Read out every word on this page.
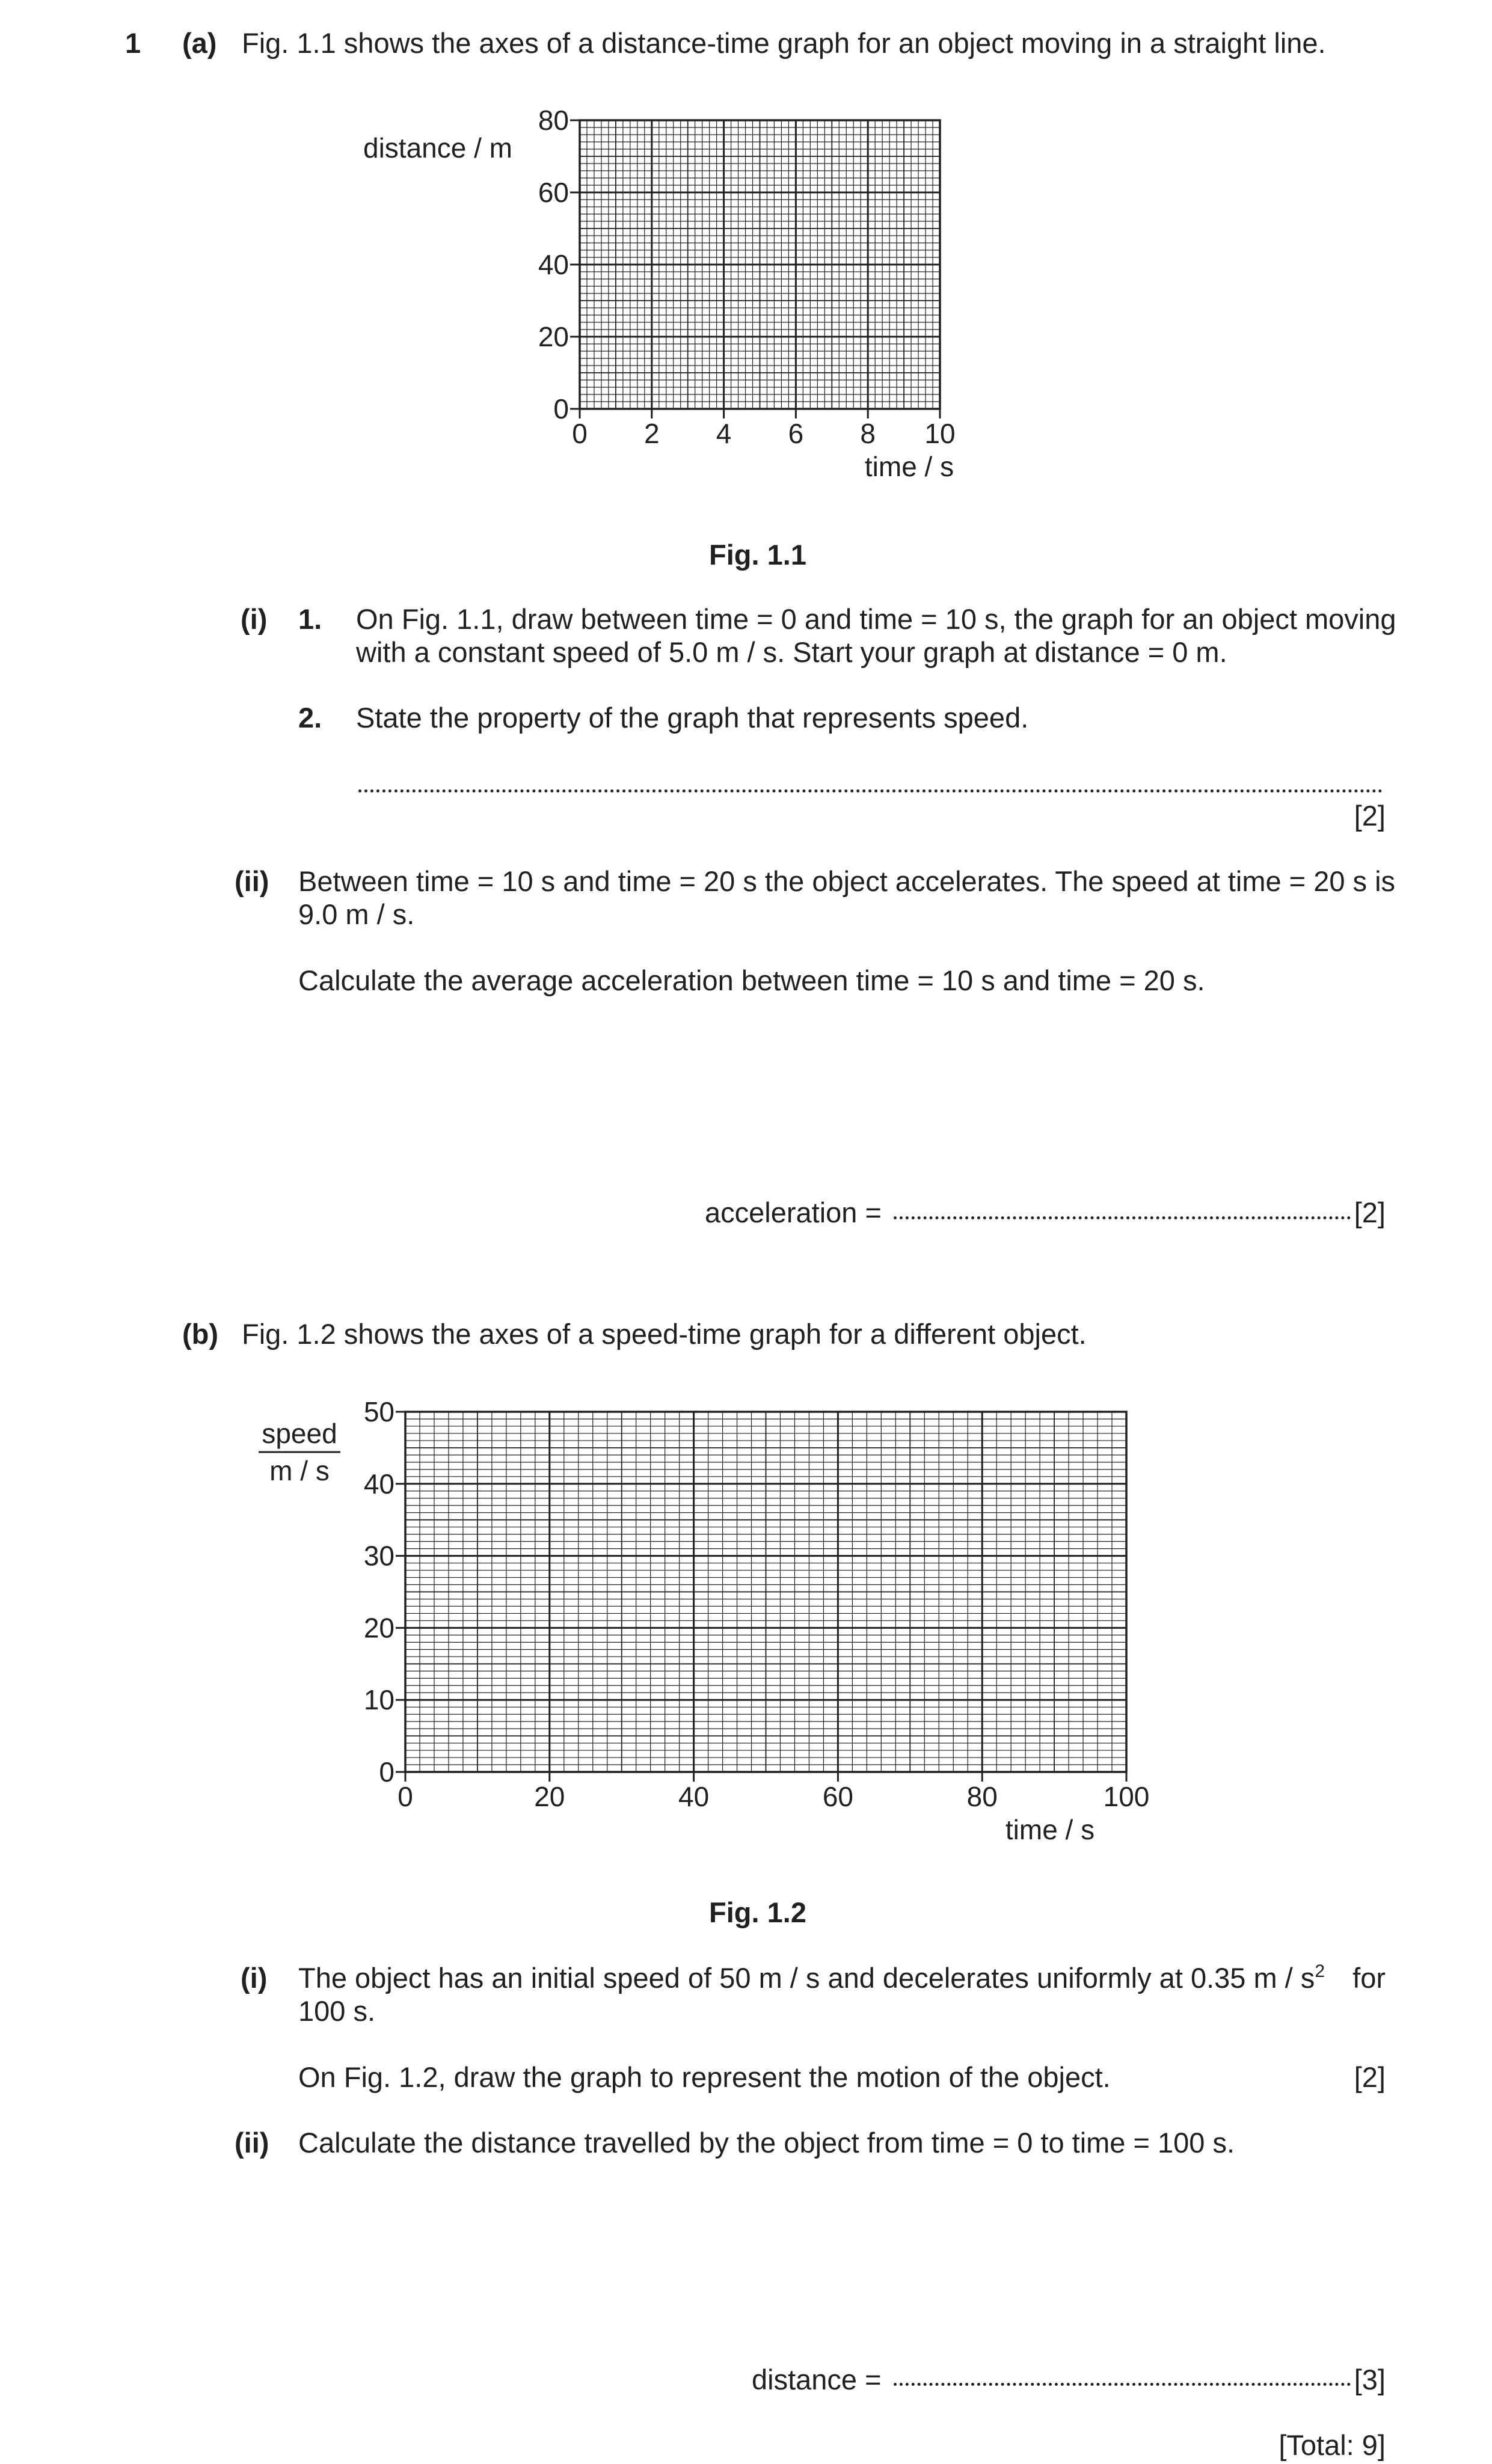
1 (a) Fig. 1.1 shows the axes of a distance-time graph for an object moving in a straight line.
0 2 4 6 8 10
0
20
40
60
80
time / s
distance / m
Fig. 1.1
(i) 1. On Fig. 1.1, draw between time = 0 and time = 10 s, the graph for an object moving
with a constant speed of 5.0 m / s. Start your graph at distance = 0 m.
2. State the property of the graph that represents speed.
[2]
(ii) Between time = 10 s and time = 20 s the object accelerates. The speed at time = 20 s is
9.0 m / s.
Calculate the average acceleration between time = 10 s and time = 20 s.
acceleration =	[2]
(b) Fig. 1.2 shows the axes of a speed-time graph for a different object.
0	20	40	60	80	100
0
10
20
30
40
50
time / s
speed
m / s
Fig. 1.2
(i) The object has an initial speed of 50 m / s and decelerates uniformly at 0.35 m / $s^2$ for
100 s.
On Fig. 1.2, draw the graph to represent the motion of the object.	[2]
(ii) Calculate the distance travelled by the object from time = 0 to time = 100 s.
distance =	[3]
[Total: 9]
